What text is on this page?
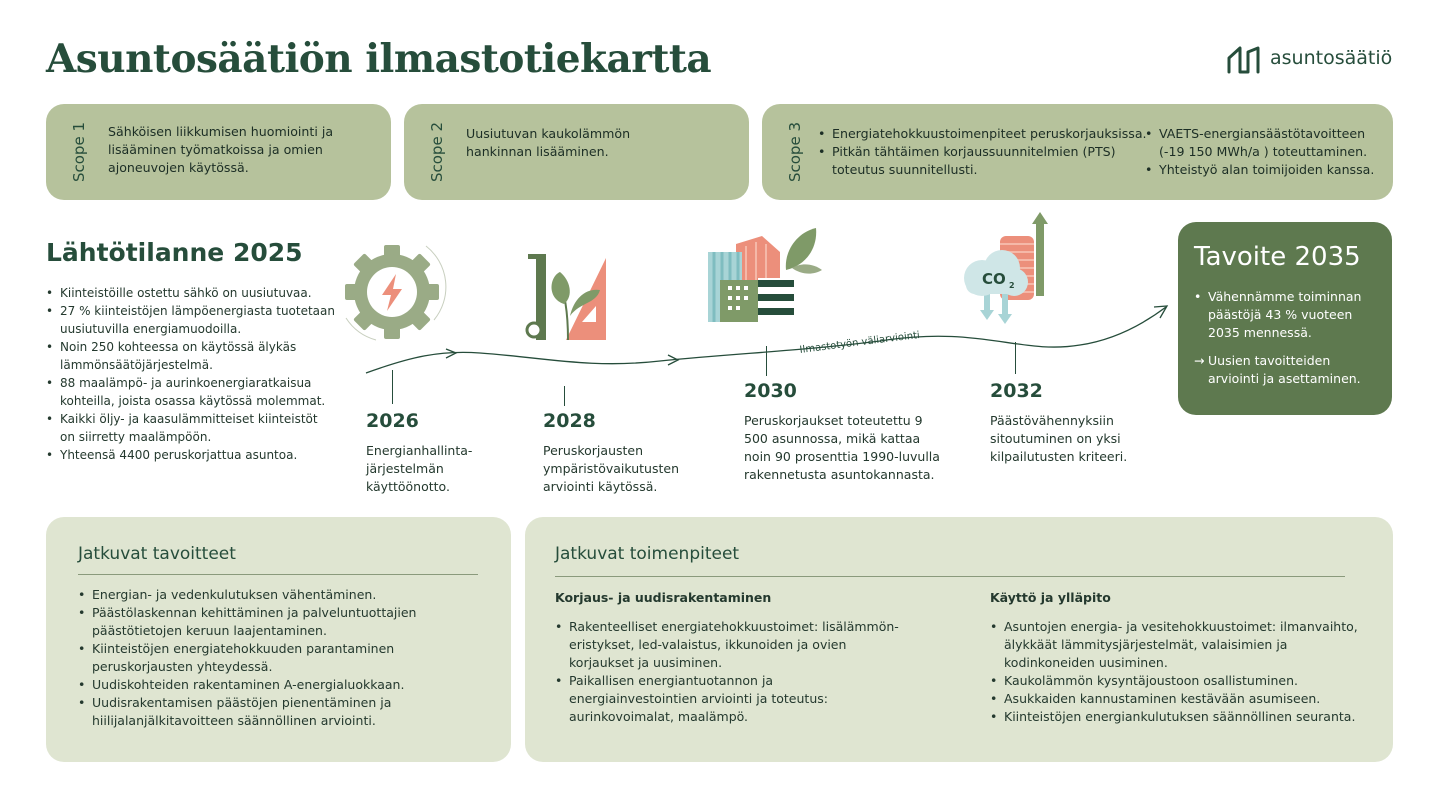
Asuntosäätiön ilmastotiekartta	asuntosäätiö
Scope 1 Sähköisen liikkumisen huomiointi ja lisääminen työmatkoissa ja omien ajoneuvojen käytössä.	Scope 2 Uusiutuvan kaukolämmön hankinnan lisääminen.	Scope 3
•	Energiatehokkuustoimenpiteet peruskorjauksissa.
• Pitkän tähtäimen korjaussuunnitelmien (PTS) toteutus suunnitellusti.
• VAETS-energiansäästötavoitteen (-19 150 MWh/a ) toteuttaminen.
• Yhteistyö alan toimijoiden kanssa.
Lähtötilanne 2025
• Kiinteistöille ostettu sähkö on uusiutuvaa.
• 27 % kiinteistöjen lämpöenergiasta tuotetaan uusiutuvilla energiamuodoilla.
• Noin 250 kohteessa on käytössä älykäs lämmönsäätöjärjestelmä.
• 88 maalämpö- ja aurinkoenergiaratkaisua kohteilla, joista osassa käytössä molemmat.
• Kaikki öljy- ja kaasulämmitteiset kiinteistöt on siirretty maalämpöön.
• Yhteensä 4400 peruskorjattua asuntoa.
Ilmastotyön väliarviointi
CO 2
2026
Energianhallinta-järjestelmän käyttöönotto.
2028
Peruskorjausten ympäristövaikutusten arviointi käytössä.
2030
Peruskorjaukset toteutettu 9 500 asunnossa, mikä kattaa noin 90 prosenttia 1990-luvulla rakennetusta asuntokannasta.
2032
Päästövähennyksiin sitoutuminen on yksi kilpailutusten kriteeri.
Tavoite 2035
• Vähennämme toiminnan päästöjä 43 % vuoteen 2035 mennessä.
→ Uusien tavoitteiden arviointi ja asettaminen.
Jatkuvat tavoitteet
• Energian- ja vedenkulutuksen vähentäminen.
• Päästölaskennan kehittäminen ja palveluntuottajien päästötietojen keruun laajentaminen.
• Kiinteistöjen energiatehokkuuden parantaminen peruskorjausten yhteydessä.
• Uudiskohteiden rakentaminen A-energialuokkaan.
• Uudisrakentamisen päästöjen pienentäminen ja hiilijalanjälkitavoitteen säännöllinen arviointi.
Jatkuvat toimenpiteet
Korjaus- ja uudisrakentaminen
• Rakenteelliset energiatehokkuustoimet: lisälämmön-eristykset, led-valaistus, ikkunoiden ja ovien korjaukset ja uusiminen.
• Paikallisen energiantuotannon ja energiainvestointien arviointi ja toteutus: aurinkovoimalat, maalämpö.
Käyttö ja ylläpito
• Asuntojen energia- ja vesitehokkuustoimet: ilmanvaihto, älykkäät lämmitysjärjestelmät, valaisimien ja kodinkoneiden uusiminen.
• Kaukolämmön kysyntäjoustoon osallistuminen.
• Asukkaiden kannustaminen kestävään asumiseen.
• Kiinteistöjen energiankulutuksen säännöllinen seuranta.
